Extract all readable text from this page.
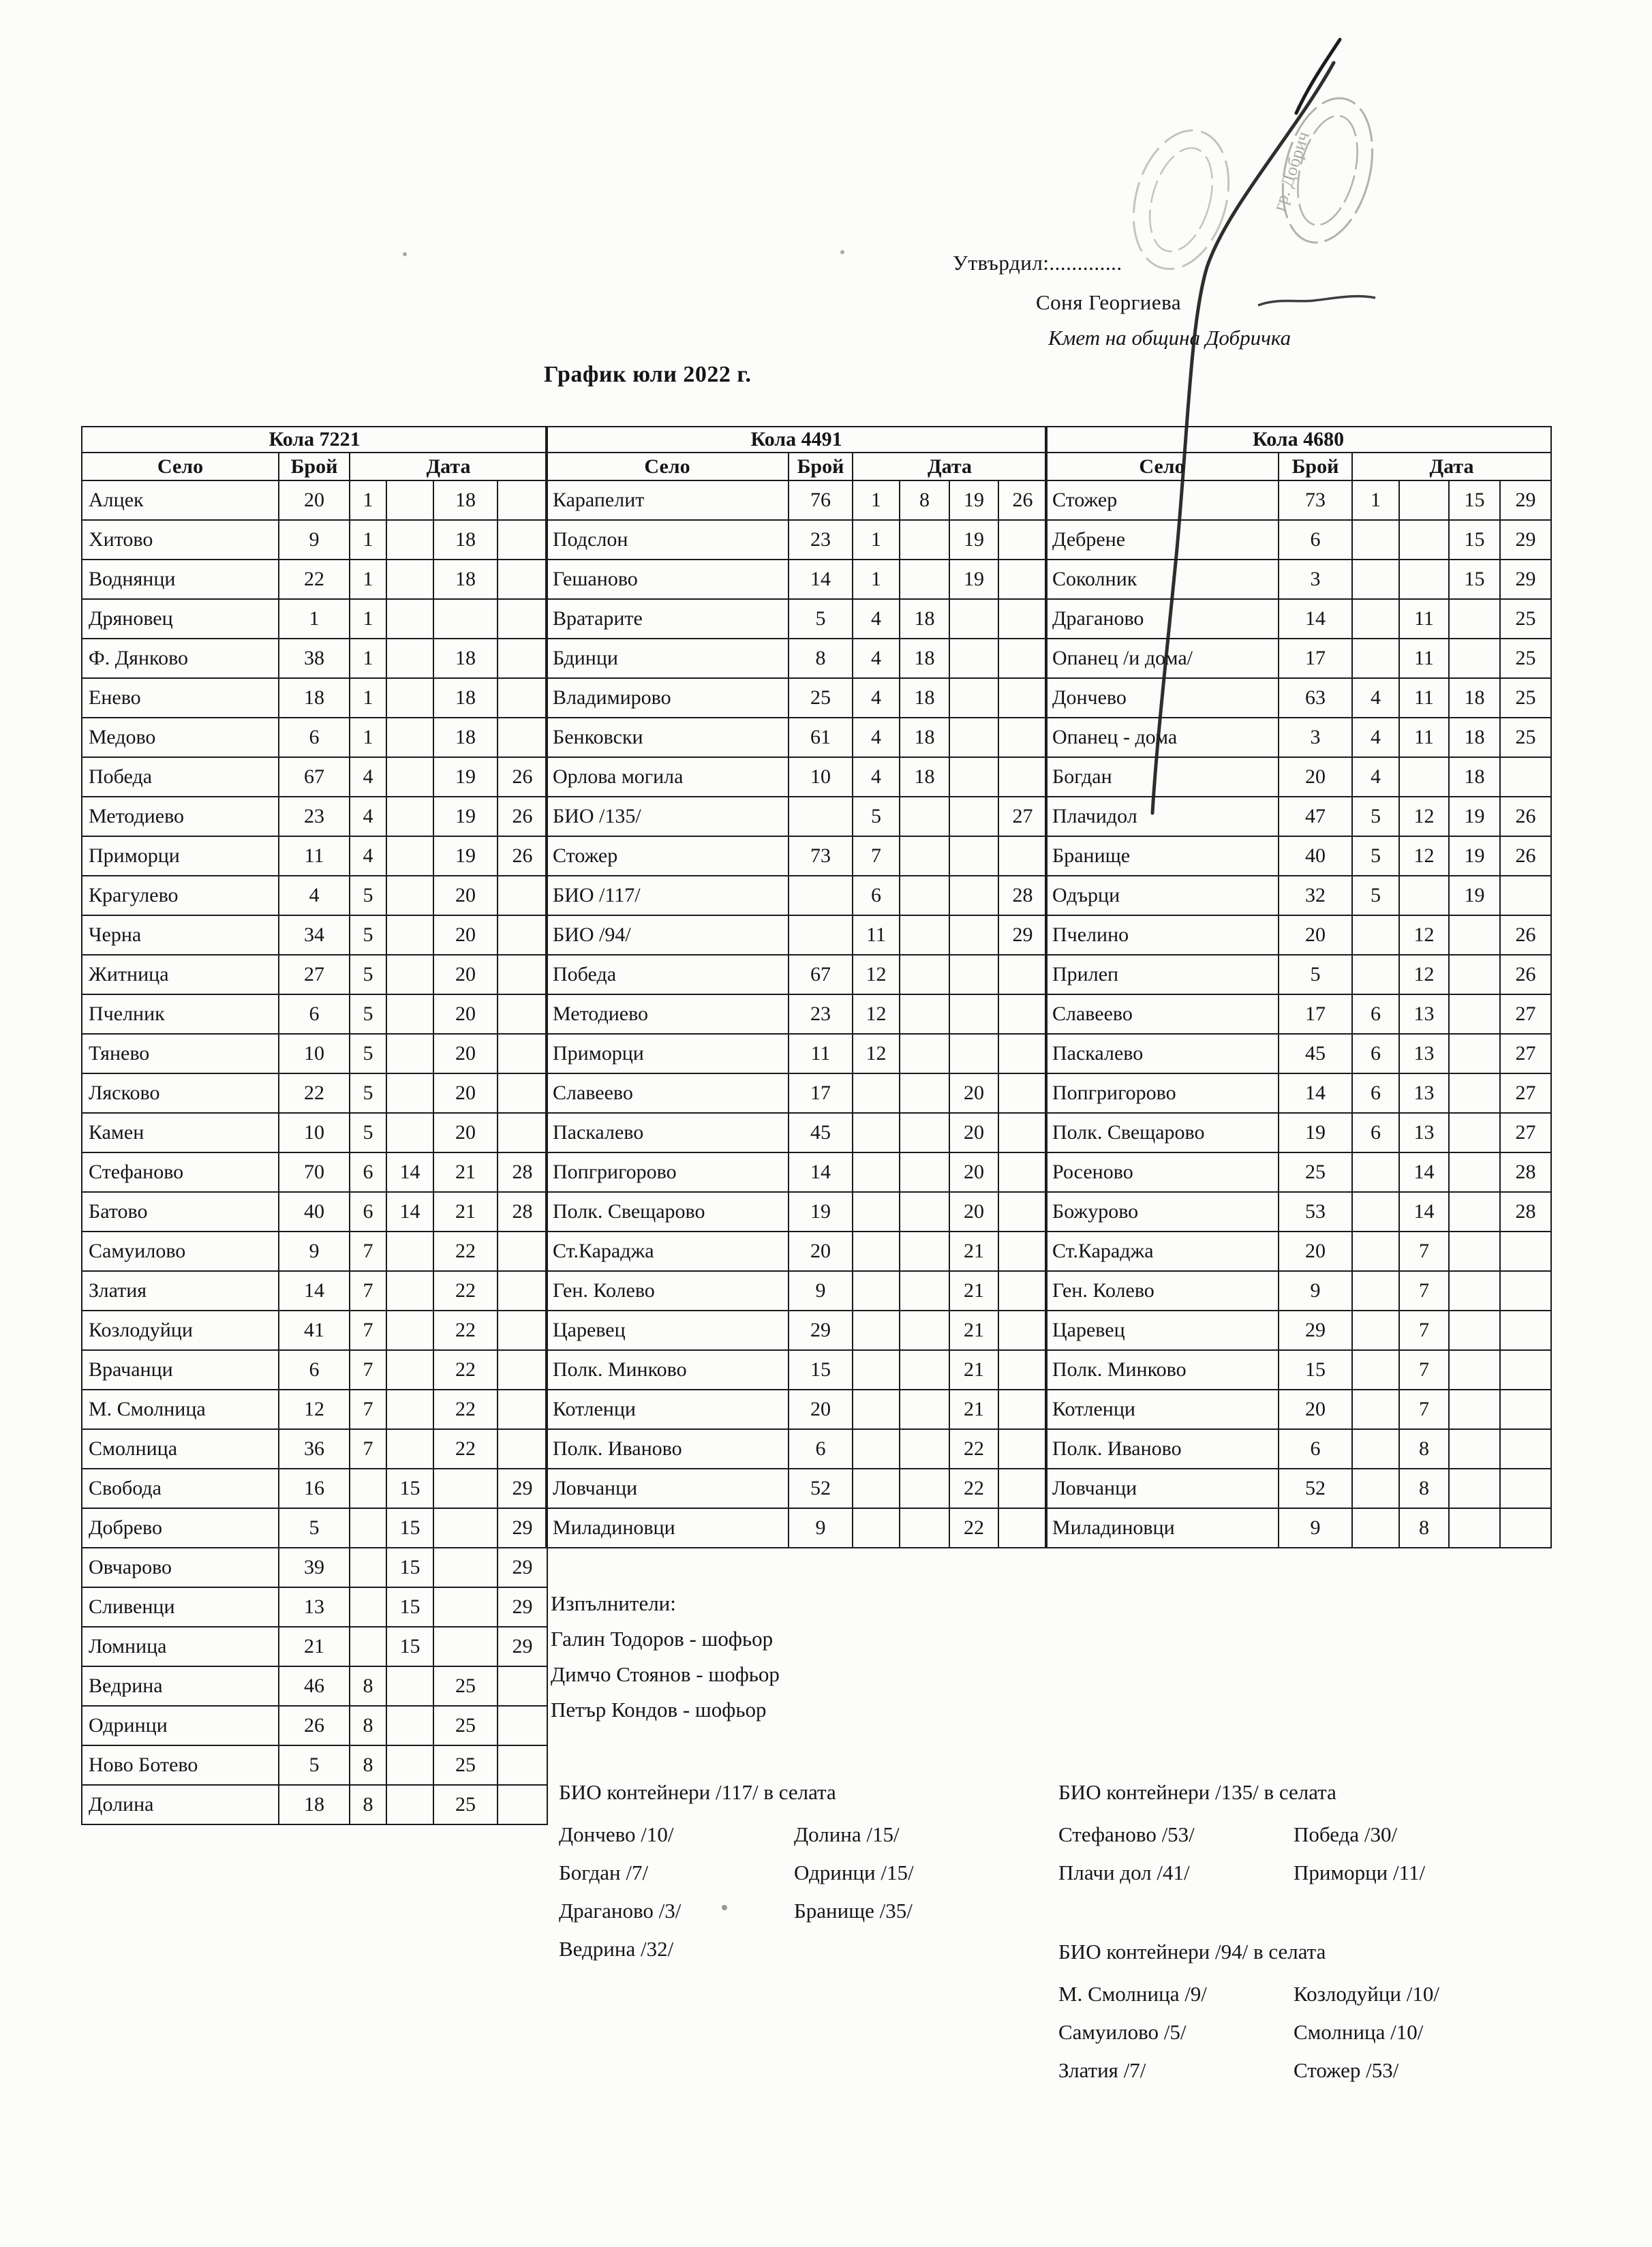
Утвърдил:.............
Соня Георгиева
Кмет на община Добричка
График юли 2022 г.
Кола 7221					
Село	Брой	Дата			
Алцек	20	1		18	
Хитово	9	1		18	
Воднянци	22	1		18	
Дряновец	1	1			
Ф. Дянково	38	1		18	
Енево	18	1		18	
Медово	6	1		18	
Победа	67	4		19	26
Методиево	23	4		19	26
Приморци	11	4		19	26
Крагулево	4	5		20	
Черна	34	5		20	
Житница	27	5		20	
Пчелник	6	5		20	
Тянево	10	5		20	
Лясково	22	5		20	
Камен	10	5		20	
Стефаново	70	6	14	21	28
Батово	40	6	14	21	28
Самуилово	9	7		22	
Златия	14	7		22	
Козлодуйци	41	7		22	
Врачанци	6	7		22	
М. Смолница	12	7		22	
Смолница	36	7		22	
Свобода	16		15		29
Добрево	5		15		29
Овчарово	39		15		29
Сливенци	13		15		29
Ломница	21		15		29
Ведрина	46	8		25	
Одринци	26	8		25	
Ново Ботево	5	8		25	
Долина	18	8		25	
Кола 4491					
Село	Брой	Дата			
Карапелит	76	1	8	19	26
Подслон	23	1		19	
Гешаново	14	1		19	
Вратарите	5	4	18		
Бдинци	8	4	18		
Владимирово	25	4	18		
Бенковски	61	4	18		
Орлова могила	10	4	18		
БИО /135/		5			27
Стожер	73	7			
БИО /117/		6			28
БИО /94/		11			29
Победа	67	12			
Методиево	23	12			
Приморци	11	12			
Славеево	17			20	
Паскалево	45			20	
Попгригорово	14			20	
Полк. Свещарово	19			20	
Ст.Караджа	20			21	
Ген. Колево	9			21	
Царевец	29			21	
Полк. Минково	15			21	
Котленци	20			21	
Полк. Иваново	6			22	
Ловчанци	52			22	
Миладиновци	9			22	
Кола 4680					
Село	Брой	Дата			
Стожер	73	1		15	29
Дебрене	6			15	29
Соколник	3			15	29
Драганово	14		11		25
Опанец /и дома/	17		11		25
Дончево	63	4	11	18	25
Опанец - дома	3	4	11	18	25
Богдан	20	4		18	
Плачидол	47	5	12	19	26
Бранище	40	5	12	19	26
Одърци	32	5		19	
Пчелино	20		12		26
Прилеп	5		12		26
Славеево	17	6	13		27
Паскалево	45	6	13		27
Попгригорово	14	6	13		27
Полк. Свещарово	19	6	13		27
Росеново	25		14		28
Божурово	53		14		28
Ст.Караджа	20		7		
Ген. Колево	9		7		
Царевец	29		7		
Полк. Минково	15		7		
Котленци	20		7		
Полк. Иваново	6		8		
Ловчанци	52		8		
Миладиновци	9		8		
Изпълнители:
Галин Тодоров - шофьор
Димчо Стоянов - шофьор
Петър Кондов - шофьор
БИО контейнери /117/ в селата
Дончево /10/
Богдан /7/
Драганово /3/
Ведрина /32/
Долина /15/
Одринци /15/
Бранище /35/
БИО контейнери /135/ в селата
Стефаново /53/
Плачи дол /41/
Победа /30/
Приморци /11/
БИО контейнери /94/ в селата
М. Смолница /9/
Самуилово /5/
Златия /7/
Козлодуйци /10/
Смолница /10/
Стожер /53/
гр. Добрич
